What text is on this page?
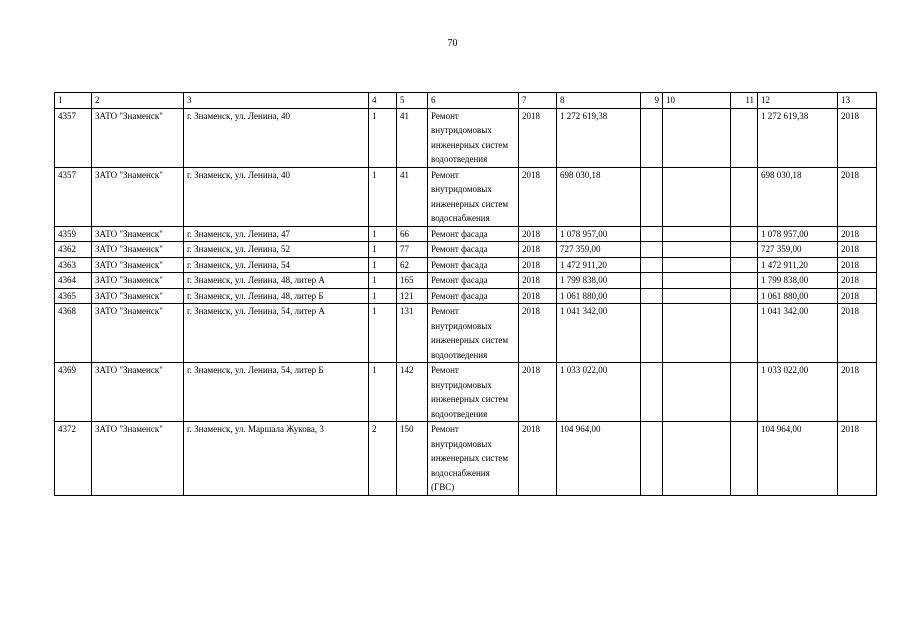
70
1	2	3	4	5	6	7	8	9	10	11	12	13
4357	ЗАТО "Знаменск"	г. Знаменск, ул. Ленина, 40	1	41	Ремонт внутридомовых инженерных систем водоотведения	2018	1 272 619,38				1 272 619,38	2018
4357	ЗАТО "Знаменск"	г. Знаменск, ул. Ленина, 40	1	41	Ремонт внутридомовых инженерных систем водоснабжения	2018	698 030,18				698 030,18	2018
4359	ЗАТО "Знаменск"	г. Знаменск, ул. Ленина, 47	1	66	Ремонт фасада	2018	1 078 957,00				1 078 957,00	2018
4362	ЗАТО "Знаменск"	г. Знаменск, ул. Ленина, 52	1	77	Ремонт фасада	2018	727 359,00				727 359,00	2018
4363	ЗАТО "Знаменск"	г. Знаменск, ул. Ленина, 54	1	62	Ремонт фасада	2018	1 472 911,20				1 472 911,20	2018
4364	ЗАТО "Знаменск"	г. Знаменск, ул. Ленина, 48, литер А	1	165	Ремонт фасада	2018	1 799 838,00				1 799 838,00	2018
4365	ЗАТО "Знаменск"	г. Знаменск, ул. Ленина, 48, литер Б	1	121	Ремонт фасада	2018	1 061 880,00				1 061 880,00	2018
4368	ЗАТО "Знаменск"	г. Знаменск, ул. Ленина, 54, литер А	1	131	Ремонт внутридомовых инженерных систем водоотведения	2018	1 041 342,00				1 041 342,00	2018
4369	ЗАТО "Знаменск"	г. Знаменск, ул. Ленина, 54, литер Б	1	142	Ремонт внутридомовых инженерных систем водоотведения	2018	1 033 022,00				1 033 022,00	2018
4372	ЗАТО "Знаменск"	г. Знаменск, ул. Маршала Жукова, 3	2	150	Ремонт внутридомовых инженерных систем водоснабжения (ГВС)	2018	104 964,00				104 964,00	2018
